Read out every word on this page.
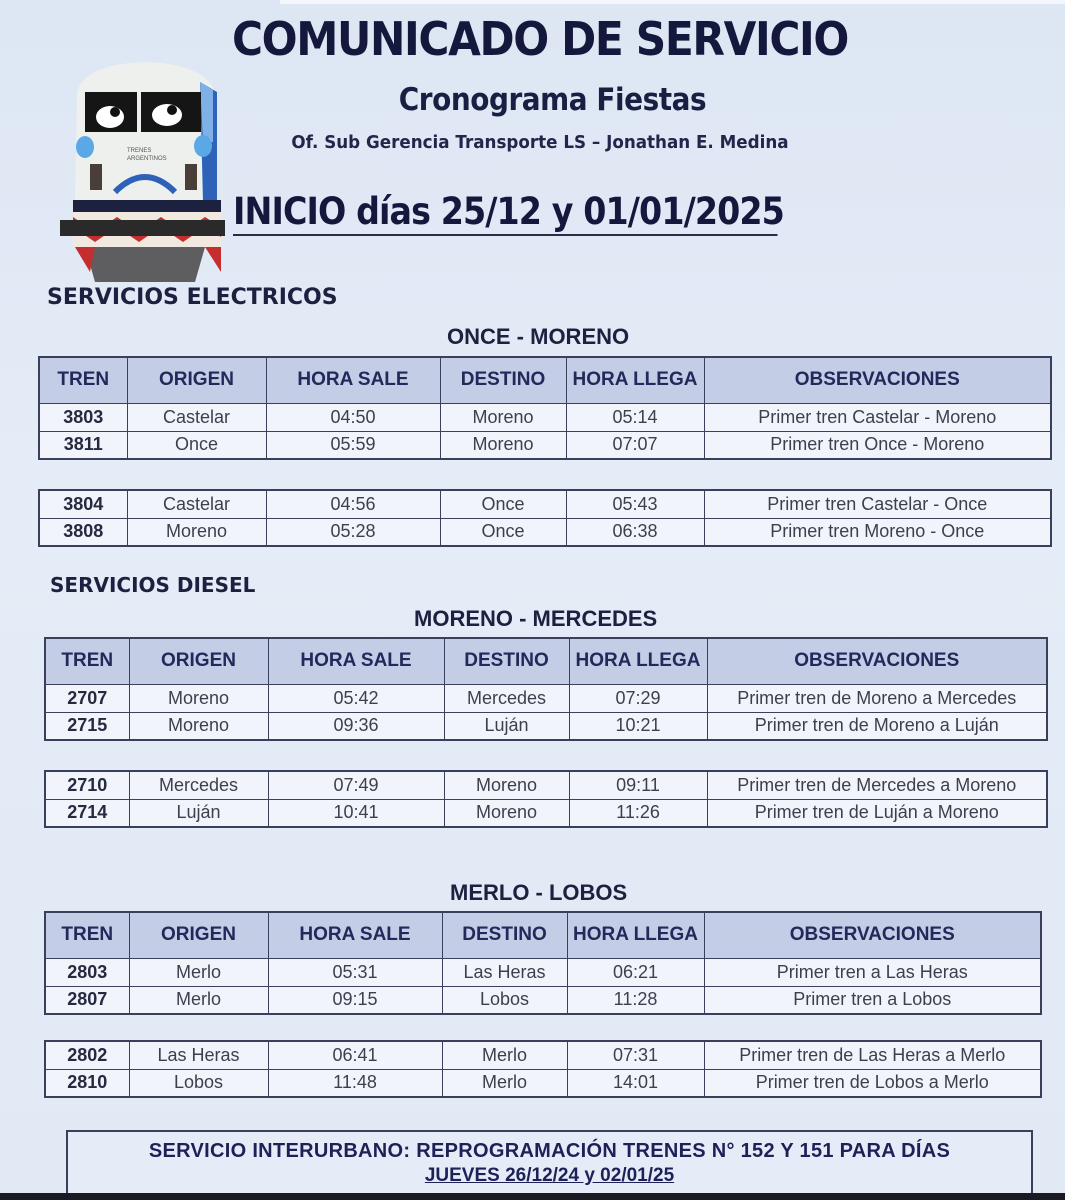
TRENES
ARGENTINOS
COMUNICADO DE SERVICIO
Cronograma Fiestas
Of. Sub Gerencia Transporte LS – Jonathan E. Medina
INICIO días 25/12 y 01/01/2025
SERVICIOS ELECTRICOS
ONCE - MORENO
TREN	ORIGEN	HORA SALE	DESTINO	HORA LLEGA	OBSERVACIONES
3803	Castelar	04:50	Moreno	05:14	Primer tren Castelar - Moreno
3811	Once	05:59	Moreno	07:07	Primer tren Once - Moreno
3804	Castelar	04:56	Once	05:43	Primer tren Castelar - Once
3808	Moreno	05:28	Once	06:38	Primer tren Moreno - Once
SERVICIOS DIESEL
MORENO - MERCEDES
TREN	ORIGEN	HORA SALE	DESTINO	HORA LLEGA	OBSERVACIONES
2707	Moreno	05:42	Mercedes	07:29	Primer tren de Moreno a Mercedes
2715	Moreno	09:36	Luján	10:21	Primer tren de Moreno a Luján
2710	Mercedes	07:49	Moreno	09:11	Primer tren de Mercedes a Moreno
2714	Luján	10:41	Moreno	11:26	Primer tren de Luján a Moreno
MERLO - LOBOS
TREN	ORIGEN	HORA SALE	DESTINO	HORA LLEGA	OBSERVACIONES
2803	Merlo	05:31	Las Heras	06:21	Primer tren a Las Heras
2807	Merlo	09:15	Lobos	11:28	Primer tren a Lobos
2802	Las Heras	06:41	Merlo	07:31	Primer tren de Las Heras a Merlo
2810	Lobos	11:48	Merlo	14:01	Primer tren de Lobos a Merlo
SERVICIO INTERURBANO: REPROGRAMACIÓN TRENES N° 152 Y 151 PARA DÍAS
JUEVES 26/12/24 y 02/01/25
